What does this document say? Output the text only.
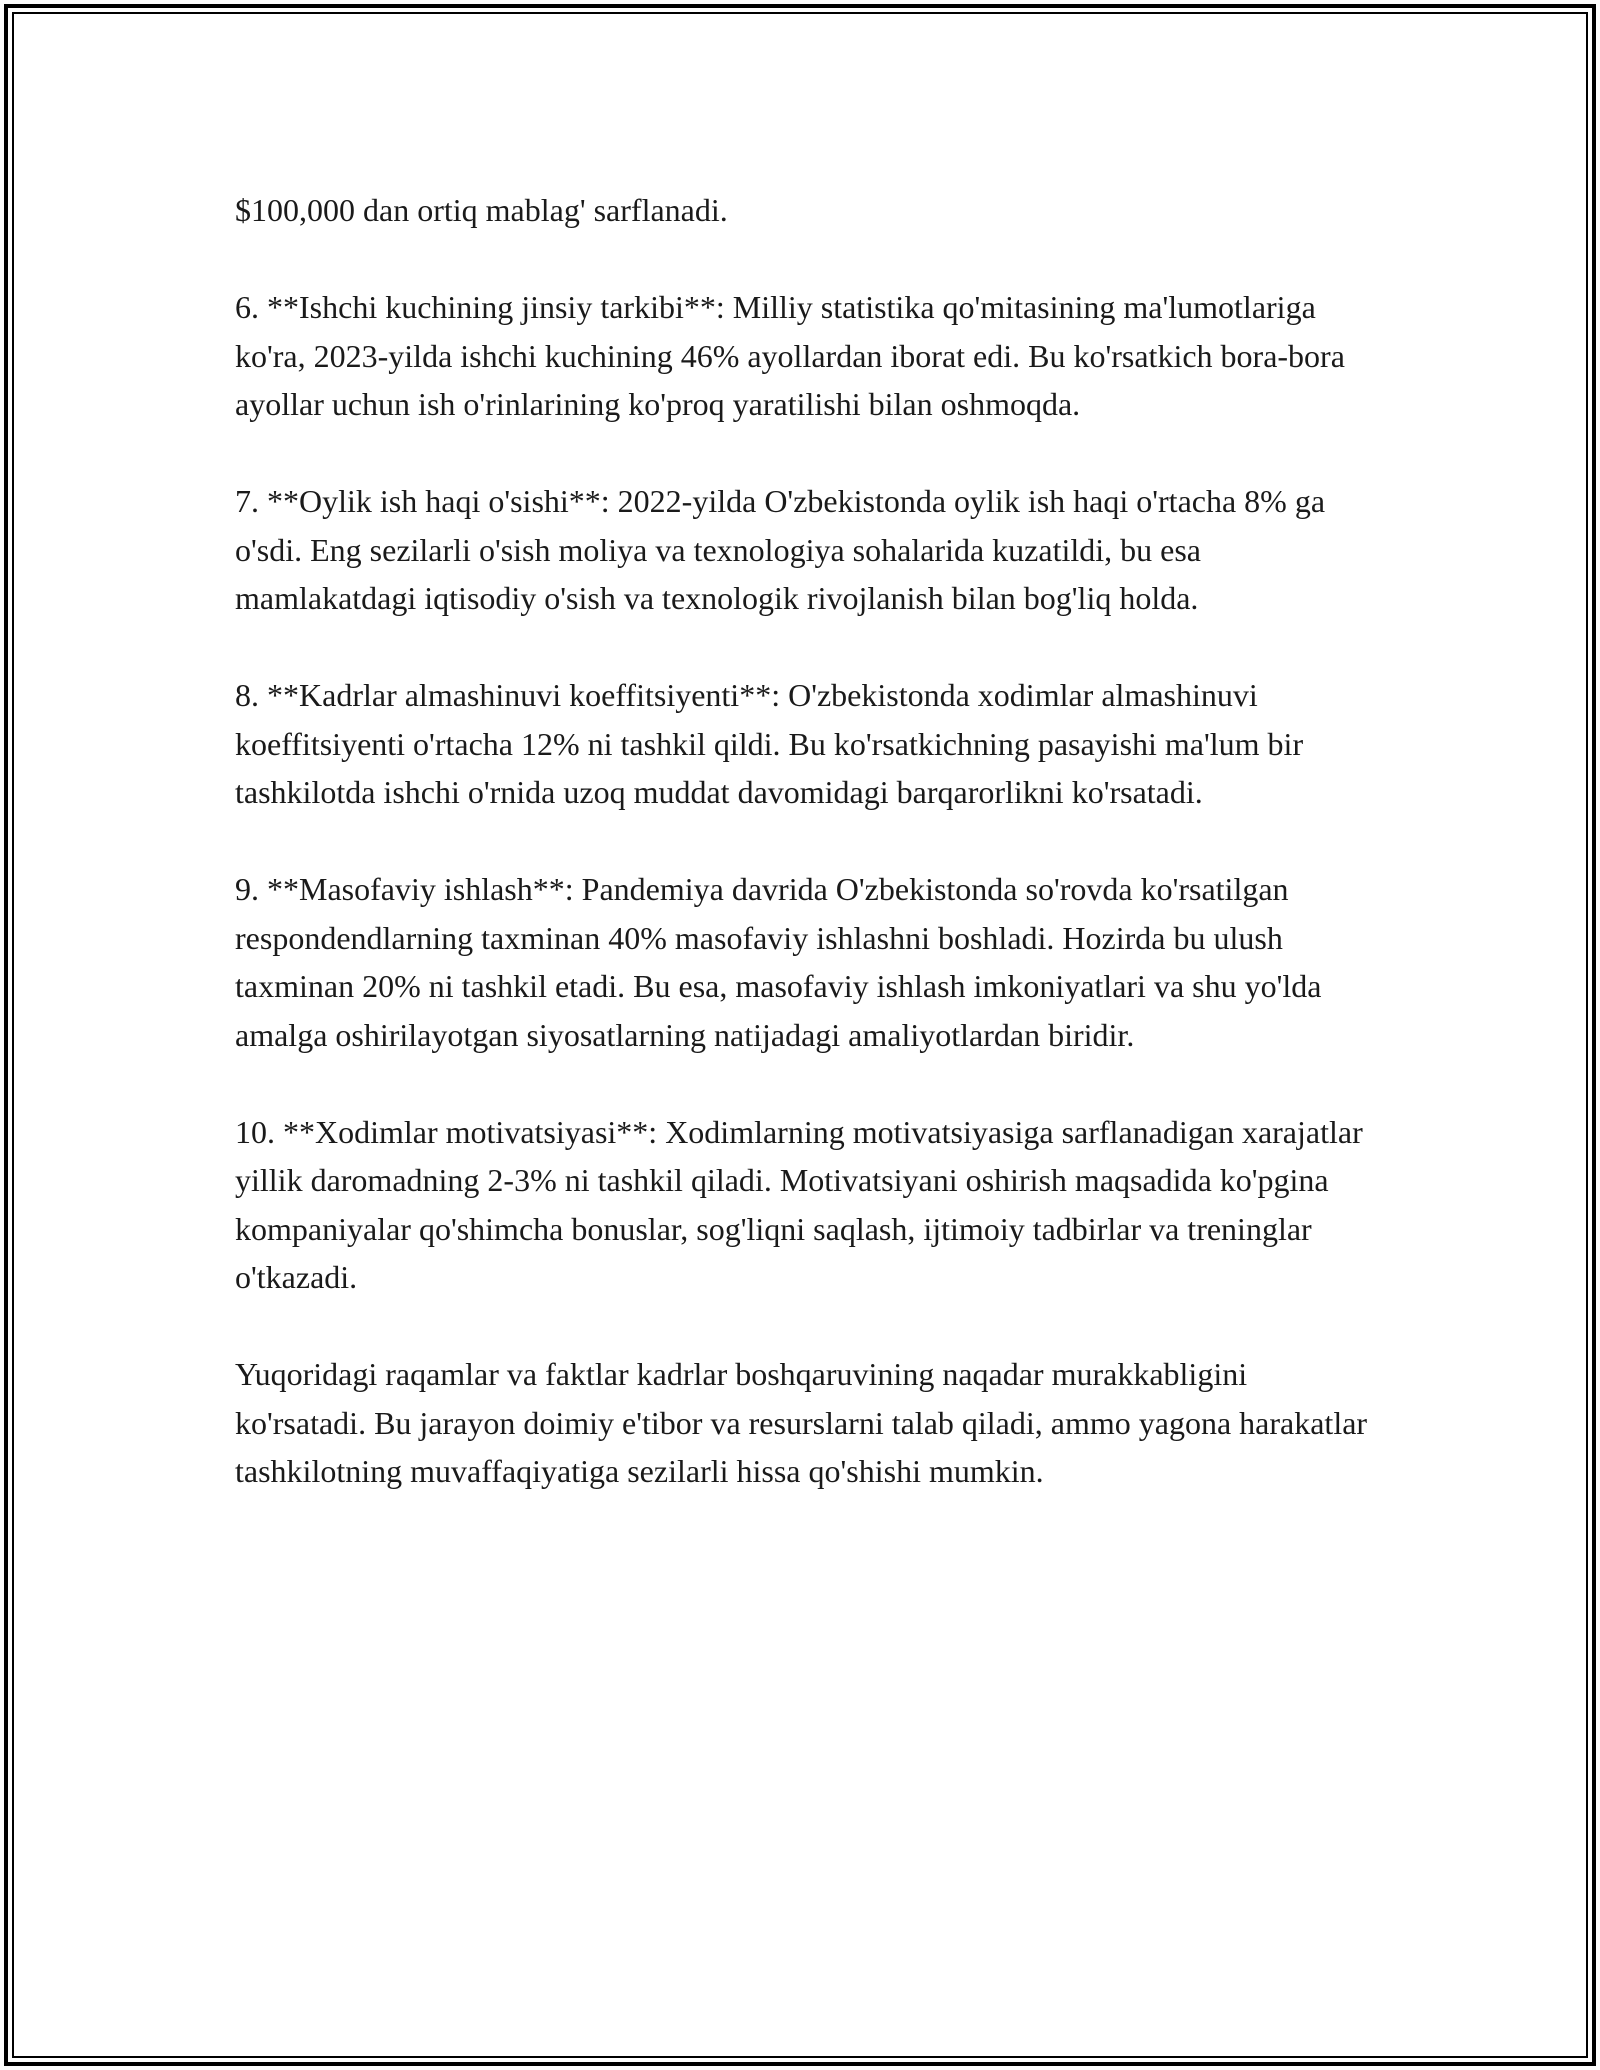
$100,000 dan ortiq mablag' sarflanadi.

6. **Ishchi kuchining jinsiy tarkibi**: Milliy statistika qo'mitasining ma'lumotlariga ko'ra, 2023-yilda ishchi kuchining 46% ayollardan iborat edi. Bu ko'rsatkich bora-bora ayollar uchun ish o'rinlarining ko'proq yaratilishi bilan oshmoqda.

7. **Oylik ish haqi o'sishi**: 2022-yilda O'zbekistonda oylik ish haqi o'rtacha 8% ga o'sdi. Eng sezilarli o'sish moliya va texnologiya sohalarida kuzatildi, bu esa mamlakatdagi iqtisodiy o'sish va texnologik rivojlanish bilan bog'liq holda.

8. **Kadrlar almashinuvi koeffitsiyenti**: O'zbekistonda xodimlar almashinuvi koeffitsiyenti o'rtacha 12% ni tashkil qildi. Bu ko'rsatkichning pasayishi ma'lum bir tashkilotda ishchi o'rnida uzoq muddat davomidagi barqarorlikni ko'rsatadi.

9. **Masofaviy ishlash**: Pandemiya davrida O'zbekistonda so'rovda ko'rsatilgan respondendlarning taxminan 40% masofaviy ishlashni boshladi. Hozirda bu ulush taxminan 20% ni tashkil etadi. Bu esa, masofaviy ishlash imkoniyatlari va shu yo'lda amalga oshirilayotgan siyosatlarning natijadagi amaliyotlardan biridir.

10. **Xodimlar motivatsiyasi**: Xodimlarning motivatsiyasiga sarflanadigan xarajatlar yillik daromadning 2-3% ni tashkil qiladi. Motivatsiyani oshirish maqsadida ko'pgina kompaniyalar qo'shimcha bonuslar, sog'liqni saqlash, ijtimoiy tadbirlar va treninglar o'tkazadi.

Yuqoridagi raqamlar va faktlar kadrlar boshqaruvining naqadar murakkabligini ko'rsatadi. Bu jarayon doimiy e'tibor va resurslarni talab qiladi, ammo yagona harakatlar tashkilotning muvaffaqiyatiga sezilarli hissa qo'shishi mumkin.
